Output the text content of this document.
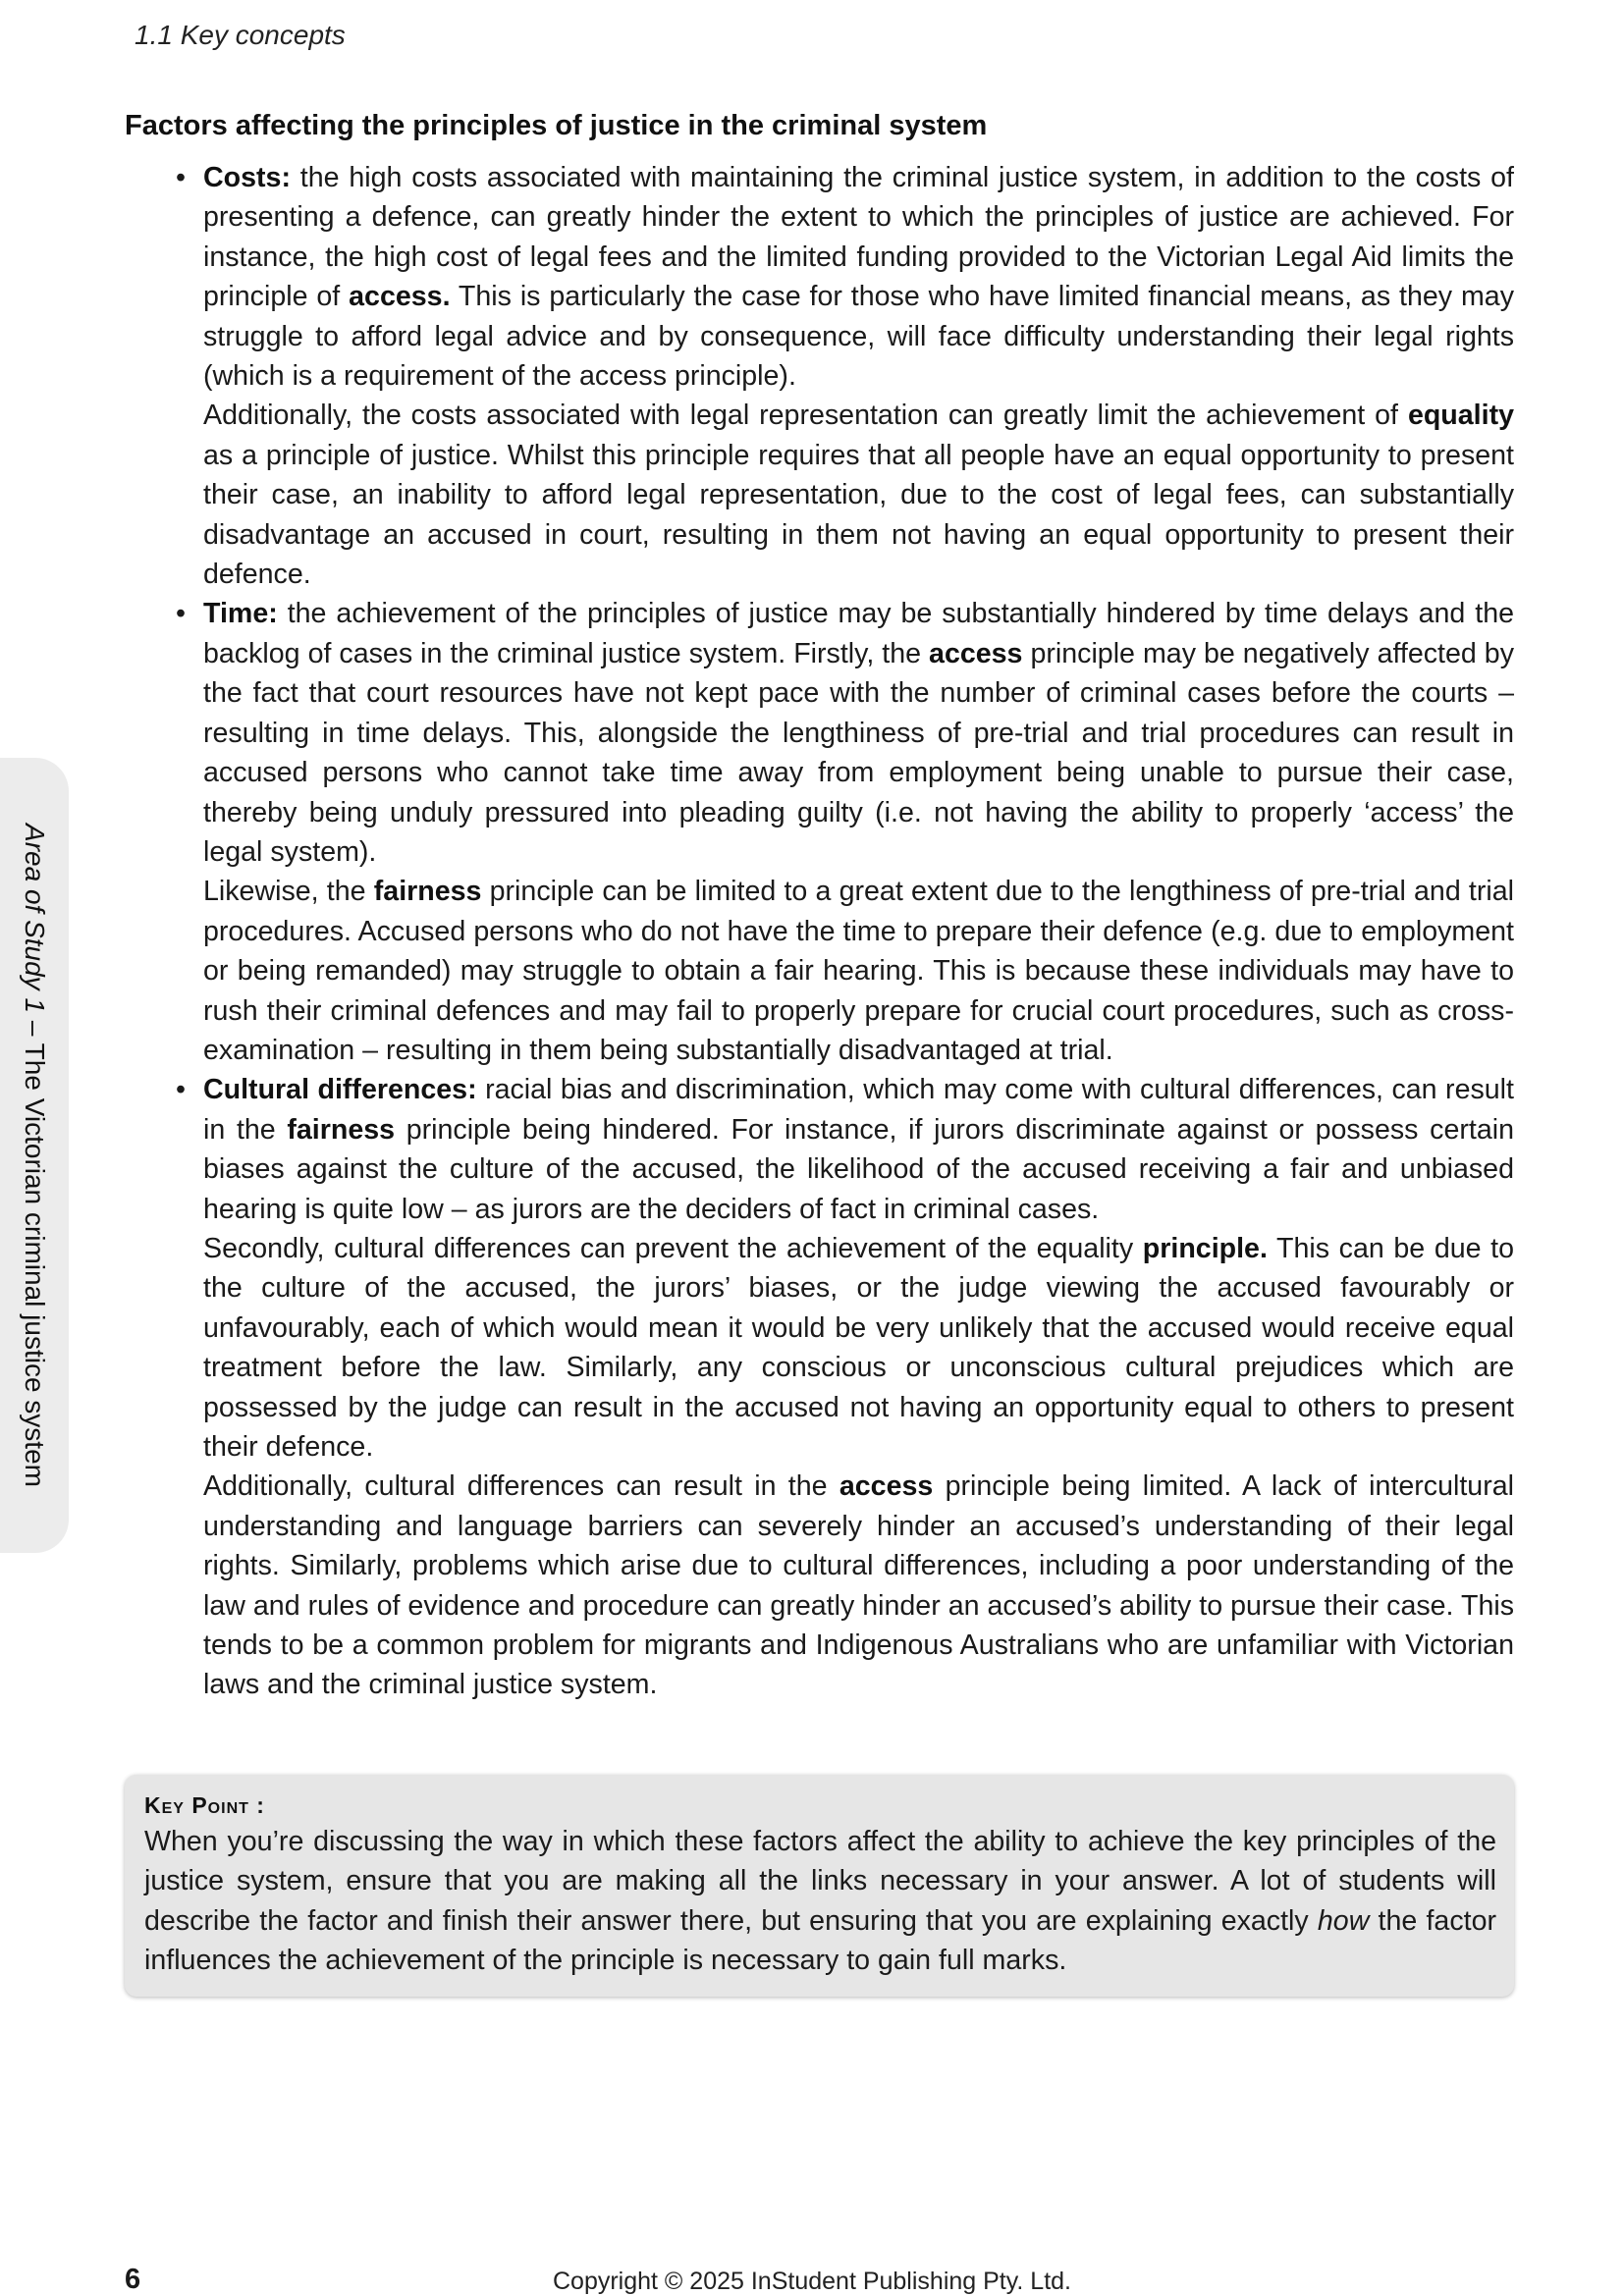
1.1 Key concepts
Area of Study 1 – The Victorian criminal justice system
Factors affecting the principles of justice in the criminal system
• Costs: the high costs associated with maintaining the criminal justice system, in addition to the costs of presenting a defence, can greatly hinder the extent to which the principles of justice are achieved. For instance, the high cost of legal fees and the limited funding provided to the Victorian Legal Aid limits the principle of access. This is particularly the case for those who have limited financial means, as they may struggle to afford legal advice and by consequence, will face difficulty understanding their legal rights (which is a requirement of the access principle).

Additionally, the costs associated with legal representation can greatly limit the achievement of equality as a principle of justice. Whilst this principle requires that all people have an equal opportunity to present their case, an inability to afford legal representation, due to the cost of legal fees, can substantially disadvantage an accused in court, resulting in them not having an equal opportunity to present their defence.

• Time: the achievement of the principles of justice may be substantially hindered by time delays and the backlog of cases in the criminal justice system. Firstly, the access principle may be negatively affected by the fact that court resources have not kept pace with the number of criminal cases before the courts – resulting in time delays. This, alongside the lengthiness of pre-trial and trial procedures can result in accused persons who cannot take time away from employment being unable to pursue their case, thereby being unduly pressured into pleading guilty (i.e. not having the ability to properly ‘access’ the legal system).

Likewise, the fairness principle can be limited to a great extent due to the lengthiness of pre-trial and trial procedures. Accused persons who do not have the time to prepare their defence (e.g. due to employment or being remanded) may struggle to obtain a fair hearing. This is because these individuals may have to rush their criminal defences and may fail to properly prepare for crucial court procedures, such as cross-examination – resulting in them being substantially disadvantaged at trial.

• Cultural differences: racial bias and discrimination, which may come with cultural differences, can result in the fairness principle being hindered. For instance, if jurors discriminate against or possess certain biases against the culture of the accused, the likelihood of the accused receiving a fair and unbiased hearing is quite low – as jurors are the deciders of fact in criminal cases.

Secondly, cultural differences can prevent the achievement of the equality principle. This can be due to the culture of the accused, the jurors’ biases, or the judge viewing the accused favourably or unfavourably, each of which would mean it would be very unlikely that the accused would receive equal treatment before the law. Similarly, any conscious or unconscious cultural prejudices which are possessed by the judge can result in the accused not having an opportunity equal to others to present their defence.

Additionally, cultural differences can result in the access principle being limited. A lack of intercultural understanding and language barriers can severely hinder an accused’s understanding of their legal rights. Similarly, problems which arise due to cultural differences, including a poor understanding of the law and rules of evidence and procedure can greatly hinder an accused’s ability to pursue their case. This tends to be a common problem for migrants and Indigenous Australians who are unfamiliar with Victorian laws and the criminal justice system.

Key Point :
When you’re discussing the way in which these factors affect the ability to achieve the key principles of the justice system, ensure that you are making all the links necessary in your answer. A lot of students will describe the factor and finish their answer there, but ensuring that you are explaining exactly how the factor influences the achievement of the principle is necessary to gain full marks.
6	Copyright © 2025 InStudent Publishing Pty. Ltd.
